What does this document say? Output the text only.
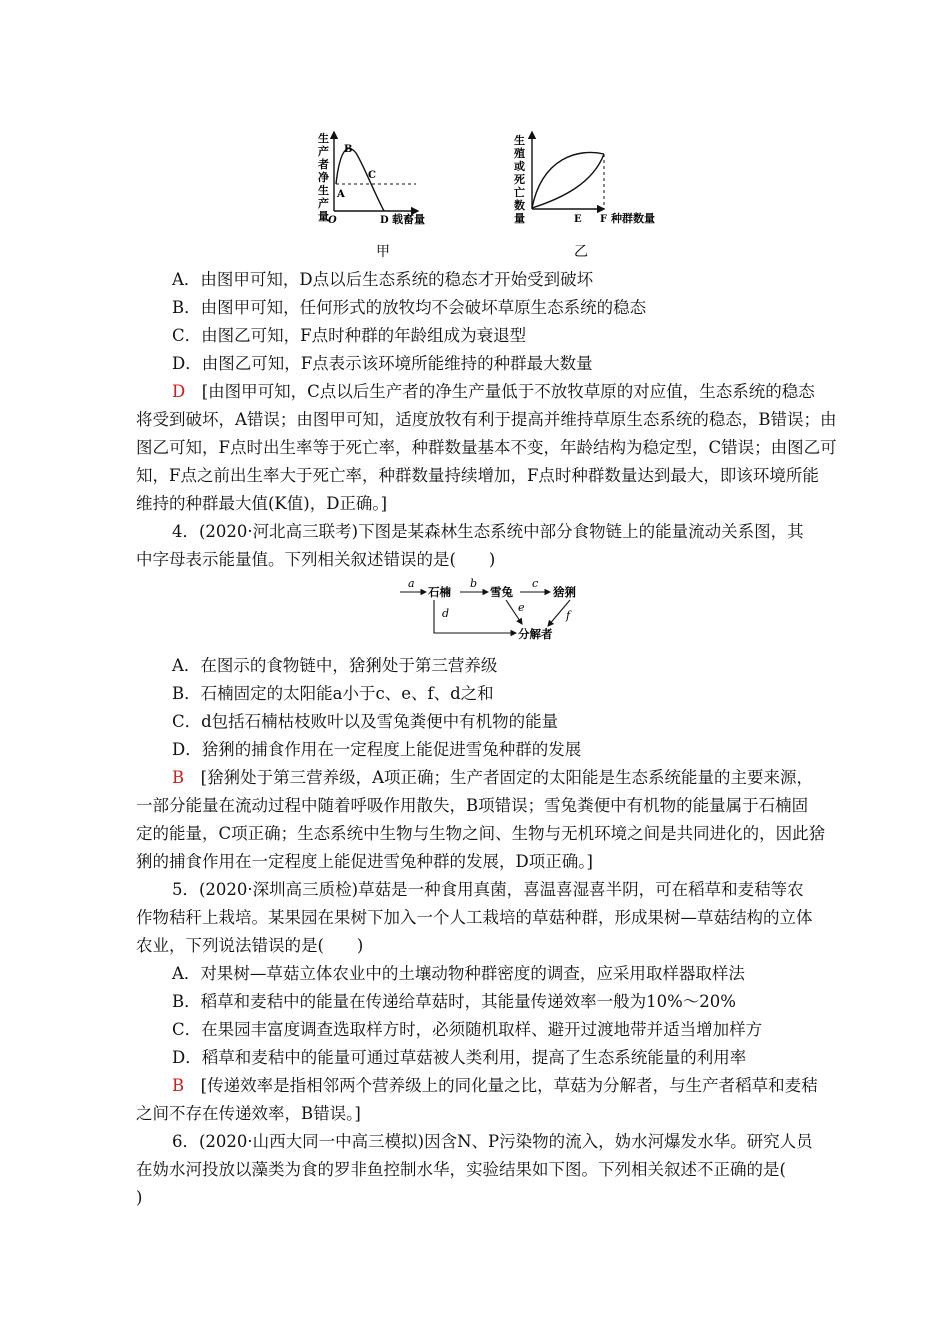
生
产
者
净
生
产
量
B
C
A
O	D 载畜量
甲
生
殖
或
死
亡
数
量	E F 种群数量
乙
A．由图甲可知，D点以后生态系统的稳态才开始受到破坏
B．由图甲可知，任何形式的放牧均不会破坏草原生态系统的稳态
C．由图乙可知，F点时种群的年龄组成为衰退型
D．由图乙可知，F点表示该环境所能维持的种群最大数量
D　 [由图甲可知，C点以后生产者的净生产量低于不放牧草原的对应值，生态系统的稳态
将受到破坏，A错误；由图甲可知，适度放牧有利于提高并维持草原生态系统的稳态，B错误；由
图乙可知，F点时出生率等于死亡率，种群数量基本不变，年龄结构为稳定型，C错误；由图乙可
知，F点之前出生率大于死亡率，种群数量持续增加，F点时种群数量达到最大，即该环境所能
维持的种群最大值(K值)，D正确。]
4．(2020·河北高三联考)下图是某森林生态系统中部分食物链上的能量流动关系图，其
中字母表示能量值。下列相关叙述错误的是(　　)
a
石楠
b
雪兔
c
猞猁
d	e
f
分解者
A．在图示的食物链中，猞猁处于第三营养级
B．石楠固定的太阳能a小于c、e、f、d之和
C．d包括石楠枯枝败叶以及雪兔粪便中有机物的能量
D．猞猁的捕食作用在一定程度上能促进雪兔种群的发展
B　 [猞猁处于第三营养级，A项正确；生产者固定的太阳能是生态系统能量的主要来源，
一部分能量在流动过程中随着呼吸作用散失，B项错误；雪兔粪便中有机物的能量属于石楠固
定的能量，C项正确；生态系统中生物与生物之间、生物与无机环境之间是共同进化的，因此猞
猁的捕食作用在一定程度上能促进雪兔种群的发展，D项正确。]
5．(2020·深圳高三质检)草菇是一种食用真菌，喜温喜湿喜半阴，可在稻草和麦秸等农
作物秸秆上栽培。某果园在果树下加入一个人工栽培的草菇种群，形成果树—草菇结构的立体
农业，下列说法错误的是(　　)
A．对果树—草菇立体农业中的土壤动物种群密度的调查，应采用取样器取样法
B．稻草和麦秸中的能量在传递给草菇时，其能量传递效率一般为10%～20%
C．在果园丰富度调查选取样方时，必须随机取样、避开过渡地带并适当增加样方
D．稻草和麦秸中的能量可通过草菇被人类利用，提高了生态系统能量的利用率
B　 [传递效率是指相邻两个营养级上的同化量之比，草菇为分解者，与生产者稻草和麦秸
之间不存在传递效率，B错误。]
6．(2020·山西大同一中高三模拟)因含N、P污染物的流入，妫水河爆发水华。研究人员
在妫水河投放以藻类为食的罗非鱼控制水华，实验结果如下图。下列相关叙述不正确的是(
)
